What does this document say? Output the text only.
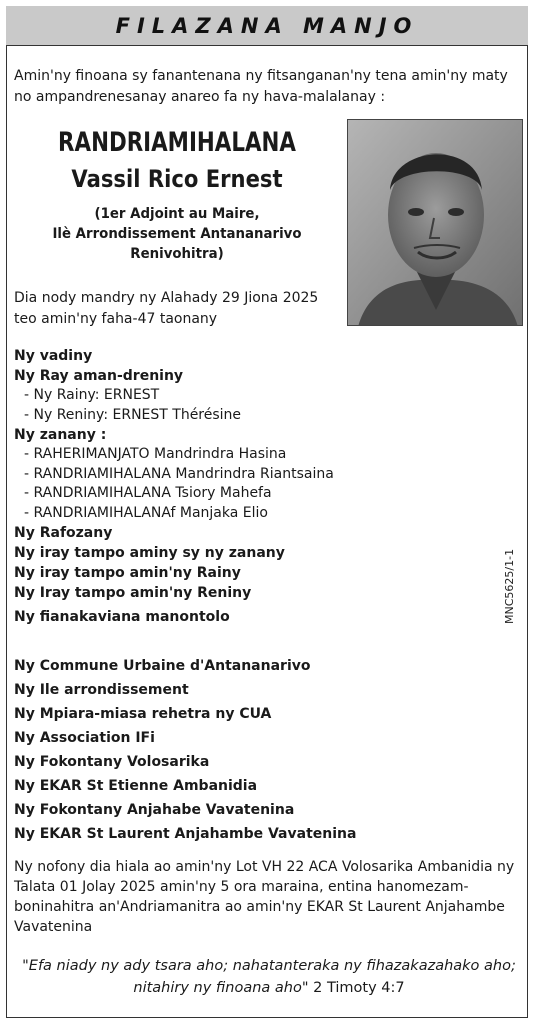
FILAZANA MANJO
Amin'ny finoana sy fanantenana ny fitsanganan'ny tena amin'ny maty no ampandrenesanay anareo fa ny hava-malalanay :
RANDRIAMIHALANA
Vassil Rico Ernest
(1er Adjoint au Maire,
Ilè Arrondissement Antananarivo
Renivohitra)
Dia nody mandry ny Alahady 29 Jiona 2025
teo amin'ny faha-47 taonany
Ny vadiny
Ny Ray aman-dreniny
- Ny Rainy: ERNEST
- Ny Reniny: ERNEST Thérésine
Ny zanany :
- RAHERIMANJATO Mandrindra Hasina
- RANDRIAMIHALANA Mandrindra Riantsaina
- RANDRIAMIHALANA Tsiory Mahefa
- RANDRIAMIHALANAf Manjaka Elio
Ny Rafozany
Ny iray tampo aminy sy ny zanany
Ny iray tampo amin'ny Rainy
Ny Iray tampo amin'ny Reniny
Ny fianakaviana manontolo	MNC5625/1-1
Ny Commune Urbaine d'Antananarivo
Ny Ile arrondissement
Ny Mpiara-miasa rehetra ny CUA
Ny Association IFi
Ny Fokontany Volosarika
Ny EKAR St Etienne Ambanidia
Ny Fokontany Anjahabe Vavatenina
Ny EKAR St Laurent Anjahambe Vavatenina
Ny nofony dia hiala ao amin'ny Lot VH 22 ACA Volosarika Ambanidia ny Talata 01 Jolay 2025 amin'ny 5 ora maraina, entina hanomezam-boninahitra an'Andriamanitra ao amin'ny EKAR St Laurent Anjahambe Vavatenina
"Efa niady ny ady tsara aho; nahatanteraka ny fihazakazahako aho; nitahiry ny finoana aho" 2 Timoty 4:7
